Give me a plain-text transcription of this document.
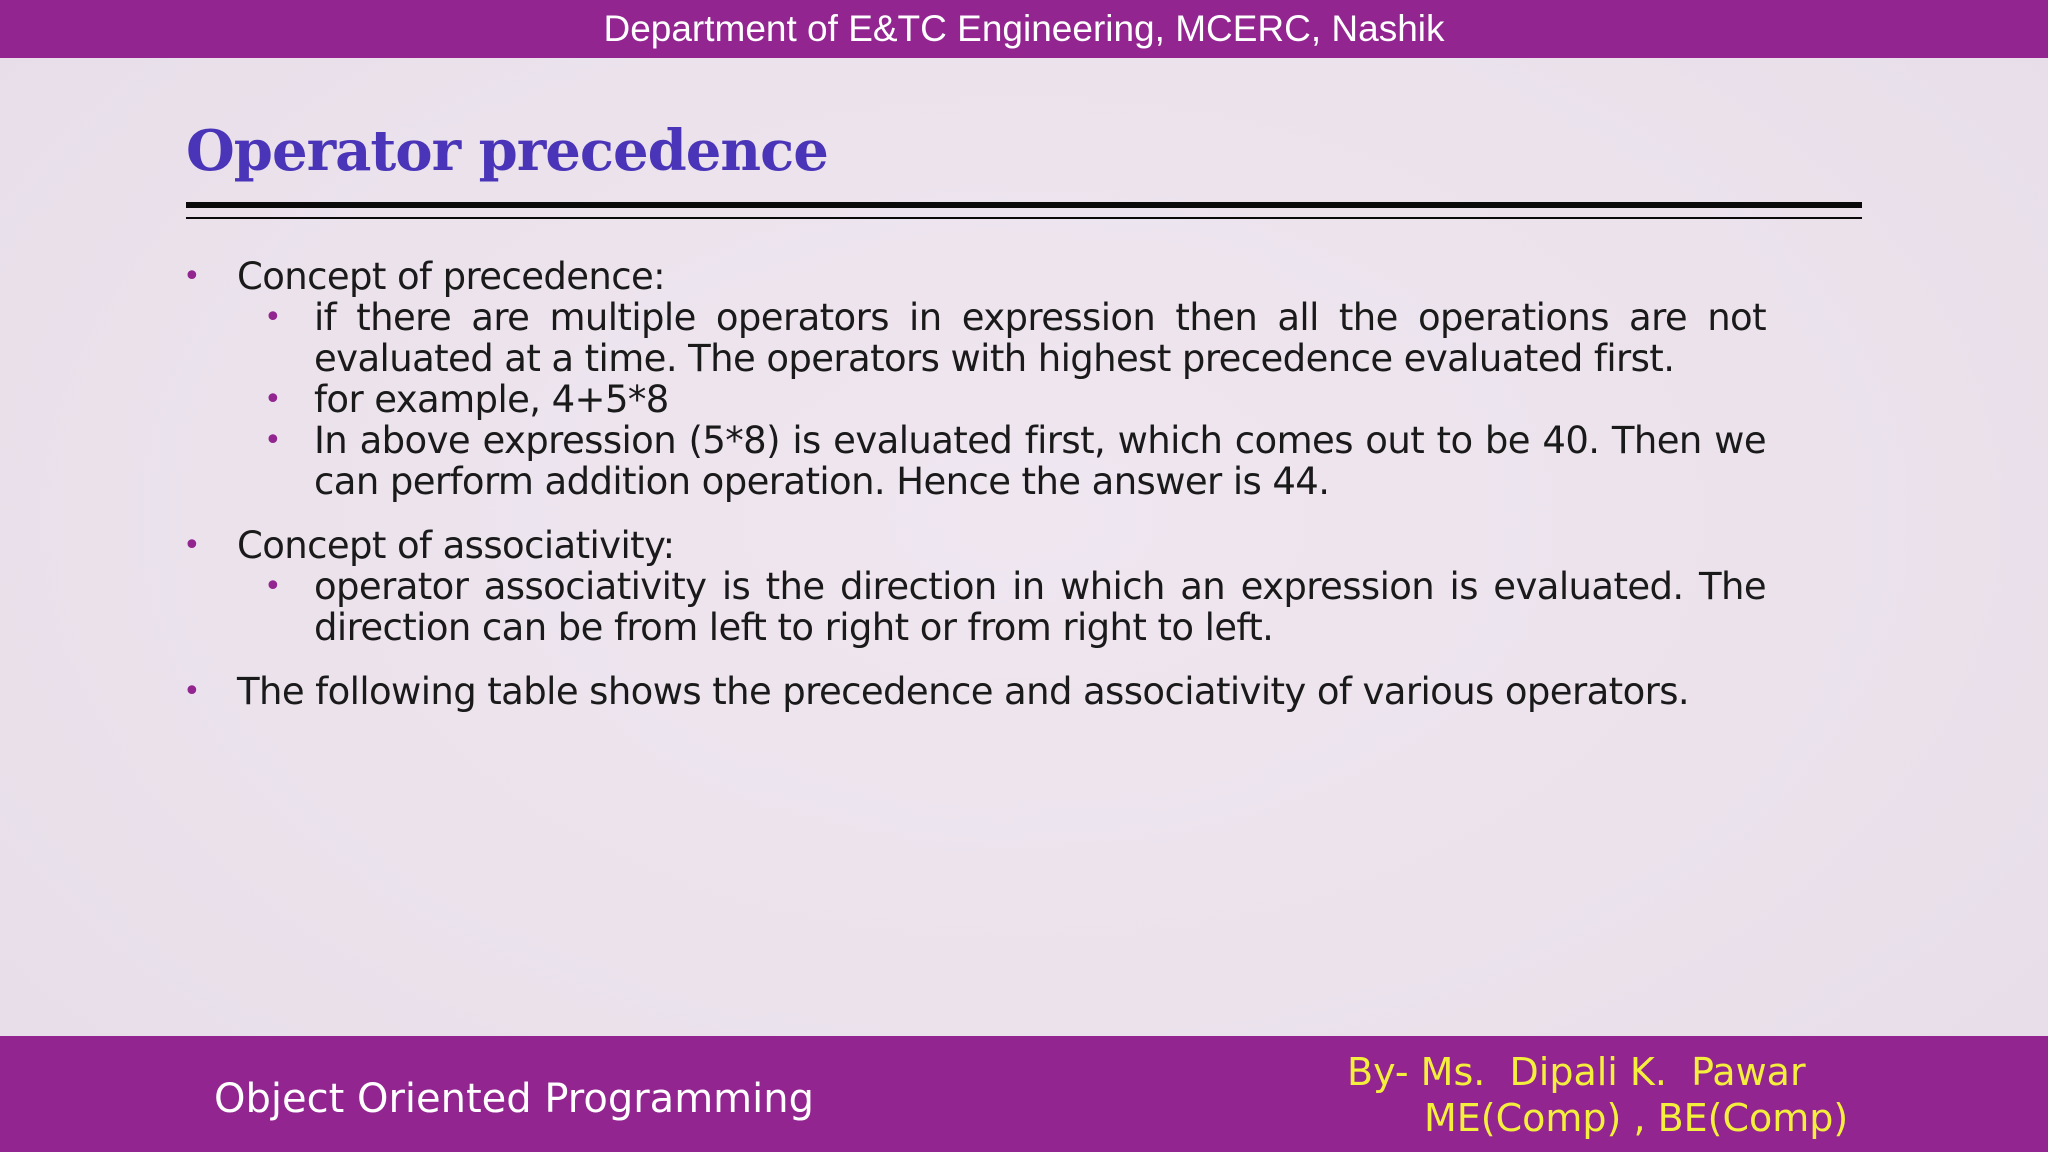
Department of E&TC Engineering, MCERC, Nashik
Operator precedence
• Concept of precedence:
• if there are multiple operators in expression then all the operations are not evaluated at a time. The operators with highest precedence evaluated first.
• for example, 4+5*8
• In above expression (5*8) is evaluated first, which comes out to be 40. Then we can perform addition operation. Hence the answer is 44.
• Concept of associativity:
• operator associativity is the direction in which an expression is evaluated. The direction can be from left to right or from right to left.
• The following table shows the precedence and associativity of various operators.
Object Oriented Programming
By- Ms.  Dipali K.  Pawar
ME(Comp) , BE(Comp)
